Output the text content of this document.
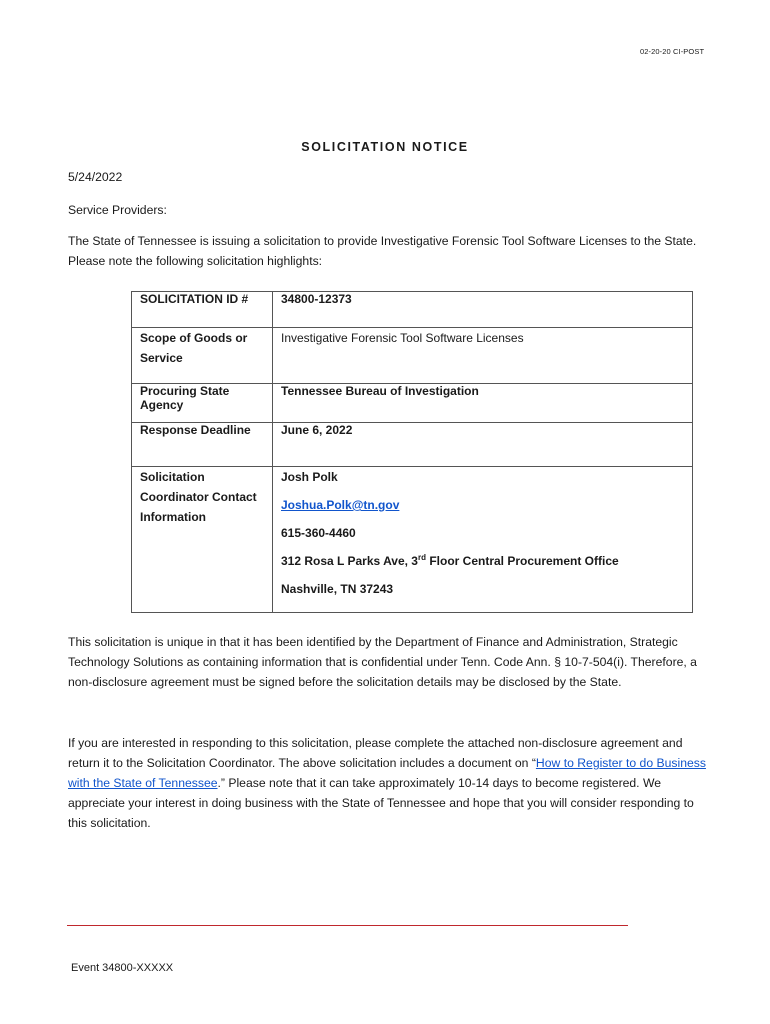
02-20-20 CI-POST
SOLICITATION NOTICE
5/24/2022
Service Providers:
The State of Tennessee is issuing a solicitation to provide Investigative Forensic Tool Software Licenses to the State. Please note the following solicitation highlights:
SOLICITATION ID #	34800-12373
Scope of Goods or Service	Investigative Forensic Tool Software Licenses
Procuring State Agency	Tennessee Bureau of Investigation
Response Deadline	June 6, 2022
Solicitation Coordinator Contact Information	Josh Polk
Joshua.Polk@tn.gov
615-360-4460
312 Rosa L Parks Ave, 3rd Floor Central Procurement Office
Nashville, TN 37243
This solicitation is unique in that it has been identified by the Department of Finance and Administration, Strategic Technology Solutions as containing information that is confidential under Tenn. Code Ann. § 10-7-504(i). Therefore, a non-disclosure agreement must be signed before the solicitation details may be disclosed by the State.
If you are interested in responding to this solicitation, please complete the attached non-disclosure agreement and return it to the Solicitation Coordinator. The above solicitation includes a document on “How to Register to do Business with the State of Tennessee.” Please note that it can take approximately 10-14 days to become registered. We appreciate your interest in doing business with the State of Tennessee and hope that you will consider responding to this solicitation.
Event 34800-XXXXX
